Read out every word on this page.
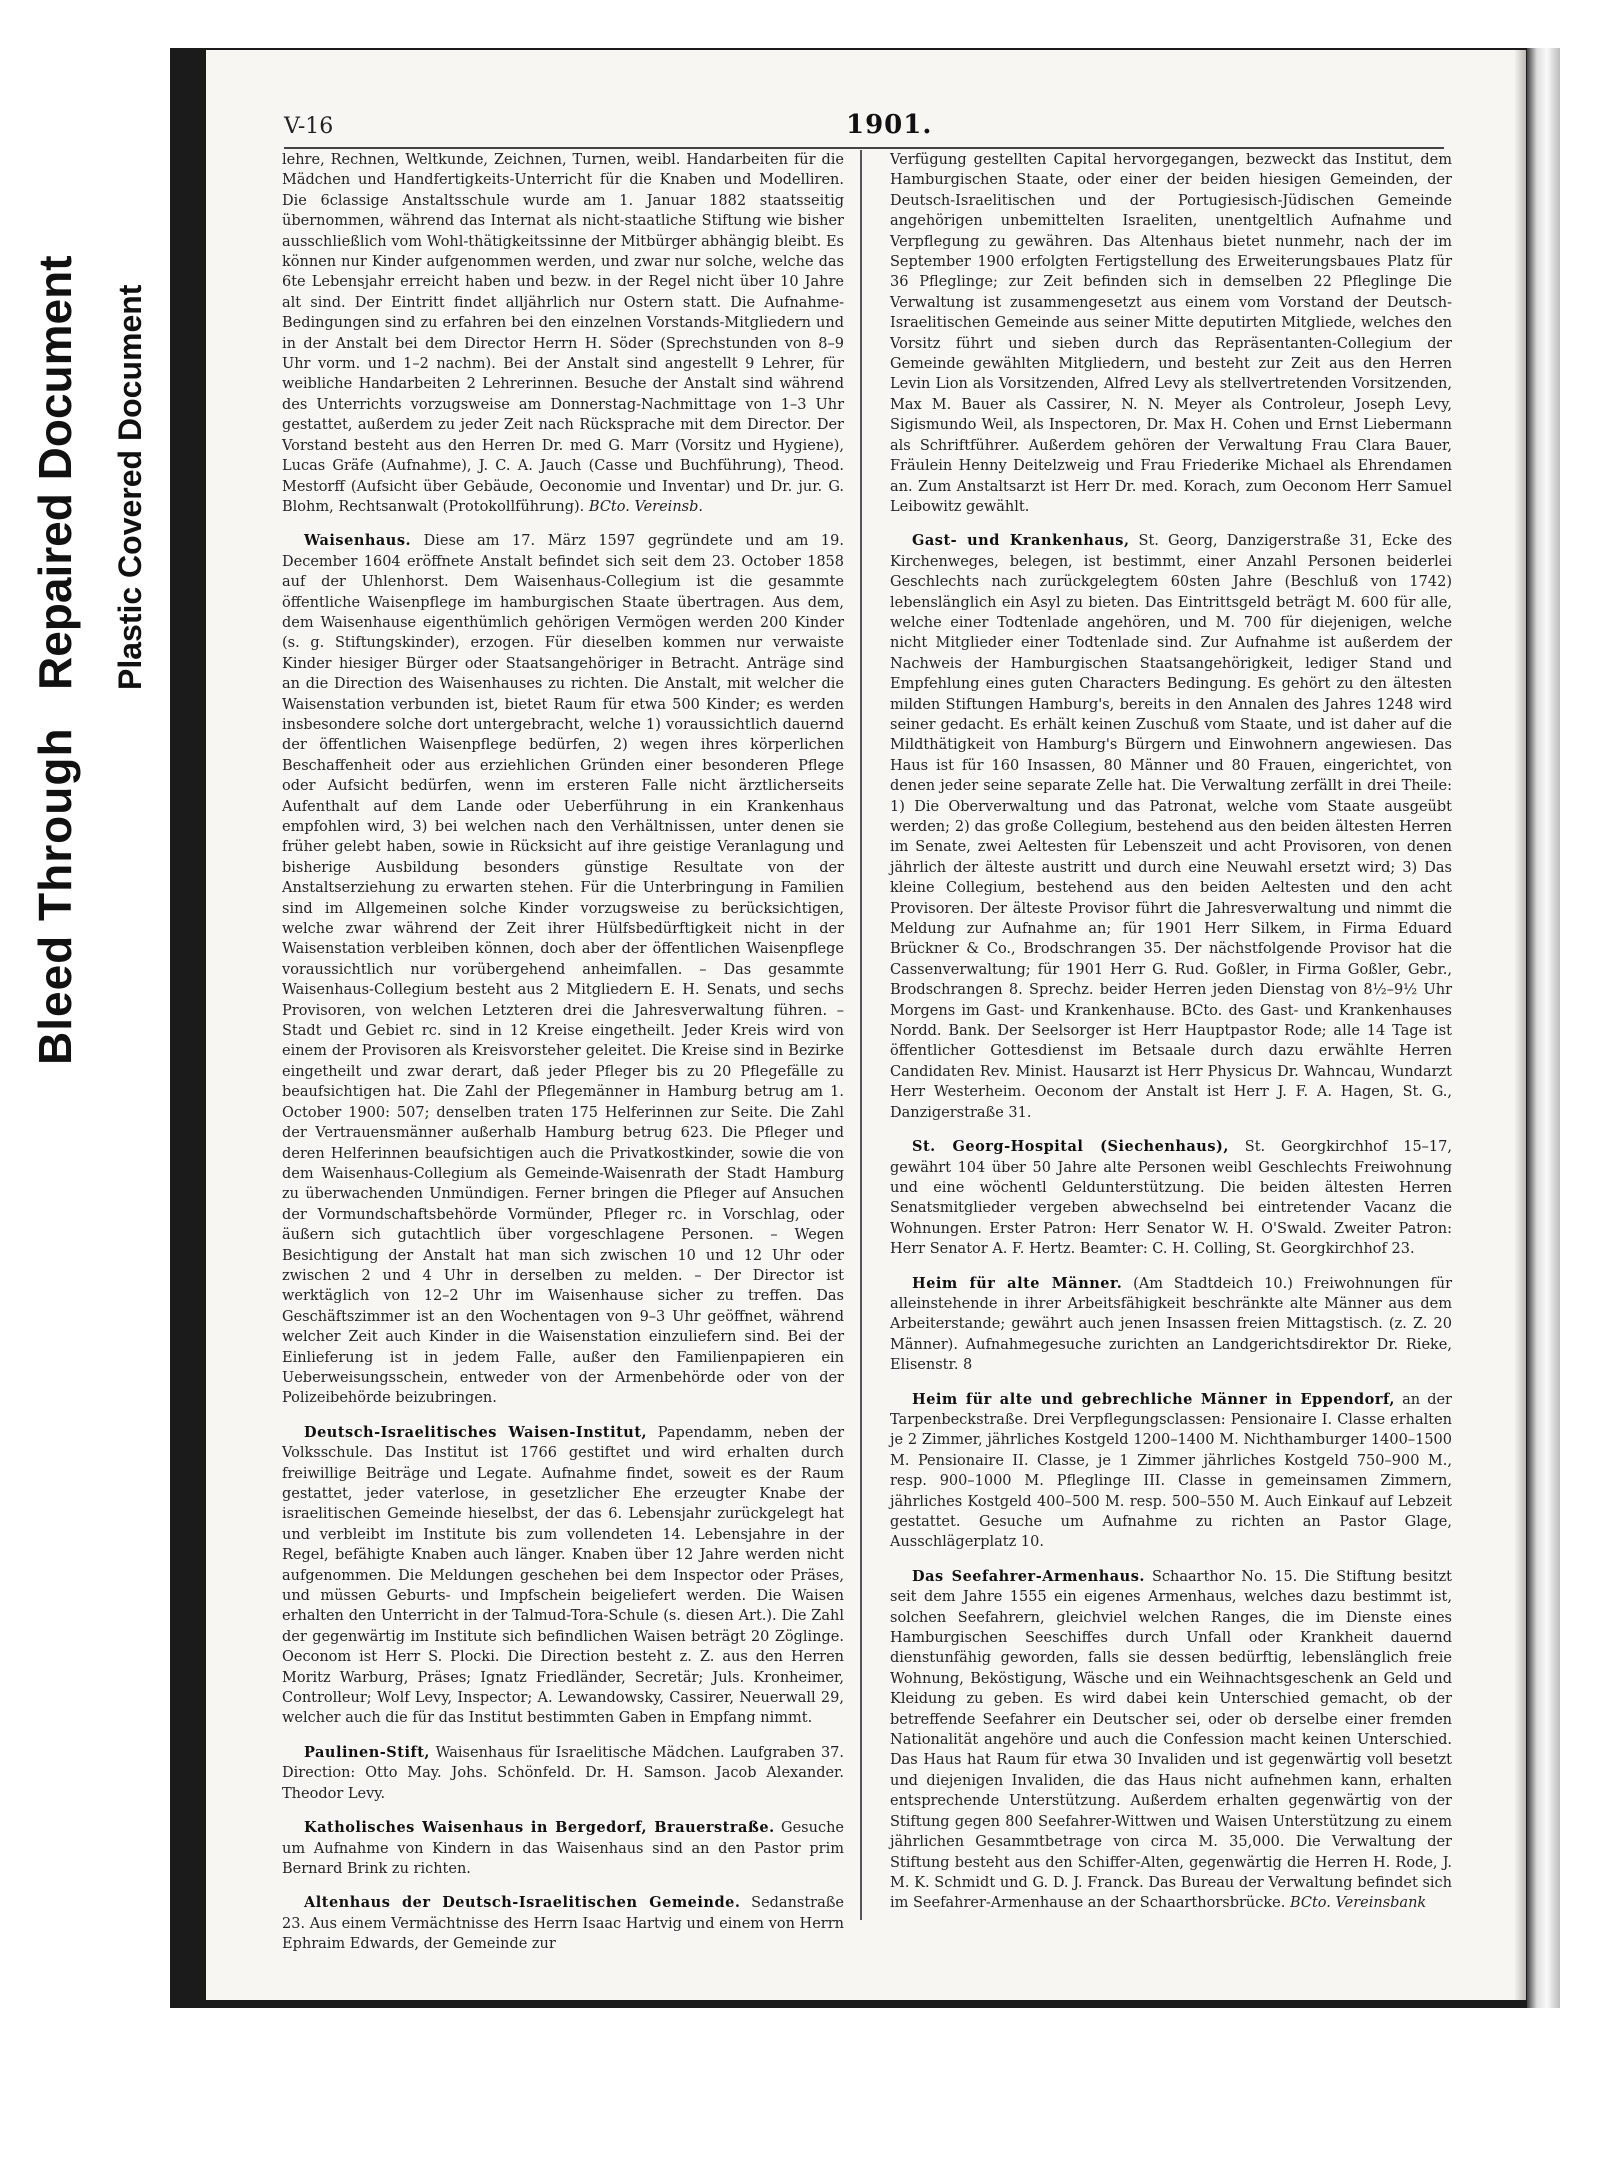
Bleed Through
Repaired Document Plastic Covered Document
V-16	1901.

lehre, Rechnen, Weltkunde, Zeichnen, Turnen, weibl. Handarbeiten für die Mädchen und Handfertigkeits-Unterricht für die Knaben und Modelliren. Die 6classige Anstaltsschule wurde am 1. Januar 1882 staatsseitig übernommen, während das Internat als nicht-staatliche Stiftung wie bisher ausschließlich vom Wohl-thätigkeitssinne der Mitbürger abhängig bleibt. Es können nur Kinder aufgenommen werden, und zwar nur solche, welche das 6te Lebensjahr erreicht haben und bezw. in der Regel nicht über 10 Jahre alt sind. Der Eintritt findet alljährlich nur Ostern statt. Die Aufnahme-Bedingungen sind zu erfahren bei den einzelnen Vorstands-Mitgliedern und in der Anstalt bei dem Director Herrn H. Söder (Sprechstunden von 8–9 Uhr vorm. und 1–2 nachm). Bei der Anstalt sind angestellt 9 Lehrer, für weibliche Handarbeiten 2 Lehrerinnen. Besuche der Anstalt sind während des Unterrichts vorzugsweise am Donnerstag-Nachmittage von 1–3 Uhr gestattet, außerdem zu jeder Zeit nach Rücksprache mit dem Director. Der Vorstand besteht aus den Herren Dr. med G. Marr (Vorsitz und Hygiene), Lucas Gräfe (Aufnahme), J. C. A. Jauch (Casse und Buchführung), Theod. Mestorff (Aufsicht über Gebäude, Oeconomie und Inventar) und Dr. jur. G. Blohm, Rechtsanwalt (Protokollführung). BCto. Vereinsb.

Waisenhaus. Diese am 17. März 1597 gegründete und am 19. December 1604 eröffnete Anstalt befindet sich seit dem 23. October 1858 auf der Uhlenhorst. Dem Waisenhaus-Collegium ist die gesammte öffentliche Waisenpflege im hamburgischen Staate übertragen. Aus dem, dem Waisenhause eigenthümlich gehörigen Vermögen werden 200 Kinder (s. g. Stiftungskinder), erzogen. Für dieselben kommen nur verwaiste Kinder hiesiger Bürger oder Staatsangehöriger in Betracht. Anträge sind an die Direction des Waisenhauses zu richten. Die Anstalt, mit welcher die Waisenstation verbunden ist, bietet Raum für etwa 500 Kinder; es werden insbesondere solche dort untergebracht, welche 1) voraussichtlich dauernd der öffentlichen Waisenpflege bedürfen, 2) wegen ihres körperlichen Beschaffenheit oder aus erziehlichen Gründen einer besonderen Pflege oder Aufsicht bedürfen, wenn im ersteren Falle nicht ärztlicherseits Aufenthalt auf dem Lande oder Ueberführung in ein Krankenhaus empfohlen wird, 3) bei welchen nach den Verhältnissen, unter denen sie früher gelebt haben, sowie in Rücksicht auf ihre geistige Veranlagung und bisherige Ausbildung besonders günstige Resultate von der Anstaltserziehung zu erwarten stehen. Für die Unterbringung in Familien sind im Allgemeinen solche Kinder vorzugsweise zu berücksichtigen, welche zwar während der Zeit ihrer Hülfsbedürftigkeit nicht in der Waisenstation verbleiben können, doch aber der öffentlichen Waisenpflege voraussichtlich nur vorübergehend anheimfallen. – Das gesammte Waisenhaus-Collegium besteht aus 2 Mitgliedern E. H. Senats, und sechs Provisoren, von welchen Letzteren drei die Jahresverwaltung führen. – Stadt und Gebiet rc. sind in 12 Kreise eingetheilt. Jeder Kreis wird von einem der Provisoren als Kreisvorsteher geleitet. Die Kreise sind in Bezirke eingetheilt und zwar derart, daß jeder Pfleger bis zu 20 Pflegefälle zu beaufsichtigen hat. Die Zahl der Pflegemänner in Hamburg betrug am 1. October 1900: 507; denselben traten 175 Helferinnen zur Seite. Die Zahl der Vertrauensmänner außerhalb Hamburg betrug 623. Die Pfleger und deren Helferinnen beaufsichtigen auch die Privatkostkinder, sowie die von dem Waisenhaus-Collegium als Gemeinde-Waisenrath der Stadt Hamburg zu überwachenden Unmündigen. Ferner bringen die Pfleger auf Ansuchen der Vormundschaftsbehörde Vormünder, Pfleger rc. in Vorschlag, oder äußern sich gutachtlich über vorgeschlagene Personen. – Wegen Besichtigung der Anstalt hat man sich zwischen 10 und 12 Uhr oder zwischen 2 und 4 Uhr in derselben zu melden. – Der Director ist werktäglich von 12–2 Uhr im Waisenhause sicher zu treffen. Das Geschäftszimmer ist an den Wochentagen von 9–3 Uhr geöffnet, während welcher Zeit auch Kinder in die Waisenstation einzuliefern sind. Bei der Einlieferung ist in jedem Falle, außer den Familienpapieren ein Ueberweisungsschein, entweder von der Armenbehörde oder von der Polizeibehörde beizubringen.

Deutsch-Israelitisches Waisen-Institut, Papendamm, neben der Volksschule. Das Institut ist 1766 gestiftet und wird erhalten durch freiwillige Beiträge und Legate. Aufnahme findet, soweit es der Raum gestattet, jeder vaterlose, in gesetzlicher Ehe erzeugter Knabe der israelitischen Gemeinde hieselbst, der das 6. Lebensjahr zurückgelegt hat und verbleibt im Institute bis zum vollendeten 14. Lebensjahre in der Regel, befähigte Knaben auch länger. Knaben über 12 Jahre werden nicht aufgenommen. Die Meldungen geschehen bei dem Inspector oder Präses, und müssen Geburts- und Impfschein beigeliefert werden. Die Waisen erhalten den Unterricht in der Talmud-Tora-Schule (s. diesen Art.). Die Zahl der gegenwärtig im Institute sich befindlichen Waisen beträgt 20 Zöglinge. Oeconom ist Herr S. Plocki. Die Direction besteht z. Z. aus den Herren Moritz Warburg, Präses; Ignatz Friedländer, Secretär; Juls. Kronheimer, Controlleur; Wolf Levy, Inspector; A. Lewandowsky, Cassirer, Neuerwall 29, welcher auch die für das Institut bestimmten Gaben in Empfang nimmt.

Paulinen-Stift, Waisenhaus für Israelitische Mädchen. Laufgraben 37. Direction: Otto May. Johs. Schönfeld. Dr. H. Samson. Jacob Alexander. Theodor Levy.

Katholisches Waisenhaus in Bergedorf, Brauerstraße. Gesuche um Aufnahme von Kindern in das Waisenhaus sind an den Pastor prim Bernard Brink zu richten.

Altenhaus der Deutsch-Israelitischen Gemeinde. Sedanstraße 23. Aus einem Vermächtnisse des Herrn Isaac Hartvig und einem von Herrn Ephraim Edwards, der Gemeinde zur

Verfügung gestellten Capital hervorgegangen, bezweckt das Institut, dem Hamburgischen Staate, oder einer der beiden hiesigen Gemeinden, der Deutsch-Israelitischen und der Portugiesisch-Jüdischen Gemeinde angehörigen unbemittelten Israeliten, unentgeltlich Aufnahme und Verpflegung zu gewähren. Das Altenhaus bietet nunmehr, nach der im September 1900 erfolgten Fertigstellung des Erweiterungsbaues Platz für 36 Pfleglinge; zur Zeit befinden sich in demselben 22 Pfleglinge Die Verwaltung ist zusammengesetzt aus einem vom Vorstand der Deutsch-Israelitischen Gemeinde aus seiner Mitte deputirten Mitgliede, welches den Vorsitz führt und sieben durch das Repräsentanten-Collegium der Gemeinde gewählten Mitgliedern, und besteht zur Zeit aus den Herren Levin Lion als Vorsitzenden, Alfred Levy als stellvertretenden Vorsitzenden, Max M. Bauer als Cassirer, N. N. Meyer als Controleur, Joseph Levy, Sigismundo Weil, als Inspectoren, Dr. Max H. Cohen und Ernst Liebermann als Schriftführer. Außerdem gehören der Verwaltung Frau Clara Bauer, Fräulein Henny Deitelzweig und Frau Friederike Michael als Ehrendamen an. Zum Anstaltsarzt ist Herr Dr. med. Korach, zum Oeconom Herr Samuel Leibowitz gewählt.

Gast- und Krankenhaus, St. Georg, Danzigerstraße 31, Ecke des Kirchenweges, belegen, ist bestimmt, einer Anzahl Personen beiderlei Geschlechts nach zurückgelegtem 60sten Jahre (Beschluß von 1742) lebenslänglich ein Asyl zu bieten. Das Eintrittsgeld beträgt M. 600 für alle, welche einer Todtenlade angehören, und M. 700 für diejenigen, welche nicht Mitglieder einer Todtenlade sind. Zur Aufnahme ist außerdem der Nachweis der Hamburgischen Staatsangehörigkeit, lediger Stand und Empfehlung eines guten Characters Bedingung. Es gehört zu den ältesten milden Stiftungen Hamburg's, bereits in den Annalen des Jahres 1248 wird seiner gedacht. Es erhält keinen Zuschuß vom Staate, und ist daher auf die Mildthätigkeit von Hamburg's Bürgern und Einwohnern angewiesen. Das Haus ist für 160 Insassen, 80 Männer und 80 Frauen, eingerichtet, von denen jeder seine separate Zelle hat. Die Verwaltung zerfällt in drei Theile: 1) Die Oberverwaltung und das Patronat, welche vom Staate ausgeübt werden; 2) das große Collegium, bestehend aus den beiden ältesten Herren im Senate, zwei Aeltesten für Lebenszeit und acht Provisoren, von denen jährlich der älteste austritt und durch eine Neuwahl ersetzt wird; 3) Das kleine Collegium, bestehend aus den beiden Aeltesten und den acht Provisoren. Der älteste Provisor führt die Jahresverwaltung und nimmt die Meldung zur Aufnahme an; für 1901 Herr Silkem, in Firma Eduard Brückner & Co., Brodschrangen 35. Der nächstfolgende Provisor hat die Cassenverwaltung; für 1901 Herr G. Rud. Goßler, in Firma Goßler, Gebr., Brodschrangen 8. Sprechz. beider Herren jeden Dienstag von 8½–9½ Uhr Morgens im Gast- und Krankenhause. BCto. des Gast- und Krankenhauses Nordd. Bank. Der Seelsorger ist Herr Hauptpastor Rode; alle 14 Tage ist öffentlicher Gottesdienst im Betsaale durch dazu erwählte Herren Candidaten Rev. Minist. Hausarzt ist Herr Physicus Dr. Wahncau, Wundarzt Herr Westerheim. Oeconom der Anstalt ist Herr J. F. A. Hagen, St. G., Danzigerstraße 31.

St. Georg-Hospital (Siechenhaus), St. Georgkirchhof 15–17, gewährt 104 über 50 Jahre alte Personen weibl Geschlechts Freiwohnung und eine wöchentl Geldunterstützung. Die beiden ältesten Herren Senatsmitglieder vergeben abwechselnd bei eintretender Vacanz die Wohnungen. Erster Patron: Herr Senator W. H. O'Swald. Zweiter Patron: Herr Senator A. F. Hertz. Beamter: C. H. Colling, St. Georgkirchhof 23.

Heim für alte Männer. (Am Stadtdeich 10.) Freiwohnungen für alleinstehende in ihrer Arbeitsfähigkeit beschränkte alte Männer aus dem Arbeiterstande; gewährt auch jenen Insassen freien Mittagstisch. (z. Z. 20 Männer). Aufnahmegesuche zurichten an Landgerichtsdirektor Dr. Rieke, Elisenstr. 8

Heim für alte und gebrechliche Männer in Eppendorf, an der Tarpenbeckstraße. Drei Verpflegungsclassen: Pensionaire I. Classe erhalten je 2 Zimmer, jährliches Kostgeld 1200–1400 M. Nichthamburger 1400–1500 M. Pensionaire II. Classe, je 1 Zimmer jährliches Kostgeld 750–900 M., resp. 900–1000 M. Pfleglinge III. Classe in gemeinsamen Zimmern, jährliches Kostgeld 400–500 M. resp. 500–550 M. Auch Einkauf auf Lebzeit gestattet. Gesuche um Aufnahme zu richten an Pastor Glage, Ausschlägerplatz 10.

Das Seefahrer-Armenhaus. Schaarthor No. 15. Die Stiftung besitzt seit dem Jahre 1555 ein eigenes Armenhaus, welches dazu bestimmt ist, solchen Seefahrern, gleichviel welchen Ranges, die im Dienste eines Hamburgischen Seeschiffes durch Unfall oder Krankheit dauernd dienstunfähig geworden, falls sie dessen bedürftig, lebenslänglich freie Wohnung, Beköstigung, Wäsche und ein Weihnachtsgeschenk an Geld und Kleidung zu geben. Es wird dabei kein Unterschied gemacht, ob der betreffende Seefahrer ein Deutscher sei, oder ob derselbe einer fremden Nationalität angehöre und auch die Confession macht keinen Unterschied. Das Haus hat Raum für etwa 30 Invaliden und ist gegenwärtig voll besetzt und diejenigen Invaliden, die das Haus nicht aufnehmen kann, erhalten entsprechende Unterstützung. Außerdem erhalten gegenwärtig von der Stiftung gegen 800 Seefahrer-Wittwen und Waisen Unterstützung zu einem jährlichen Gesammtbetrage von circa M. 35,000. Die Verwaltung der Stiftung besteht aus den Schiffer-Alten, gegenwärtig die Herren H. Rode, J. M. K. Schmidt und G. D. J. Franck. Das Bureau der Verwaltung befindet sich im Seefahrer-Armenhause an der Schaarthorsbrücke. BCto. Vereinsbank
